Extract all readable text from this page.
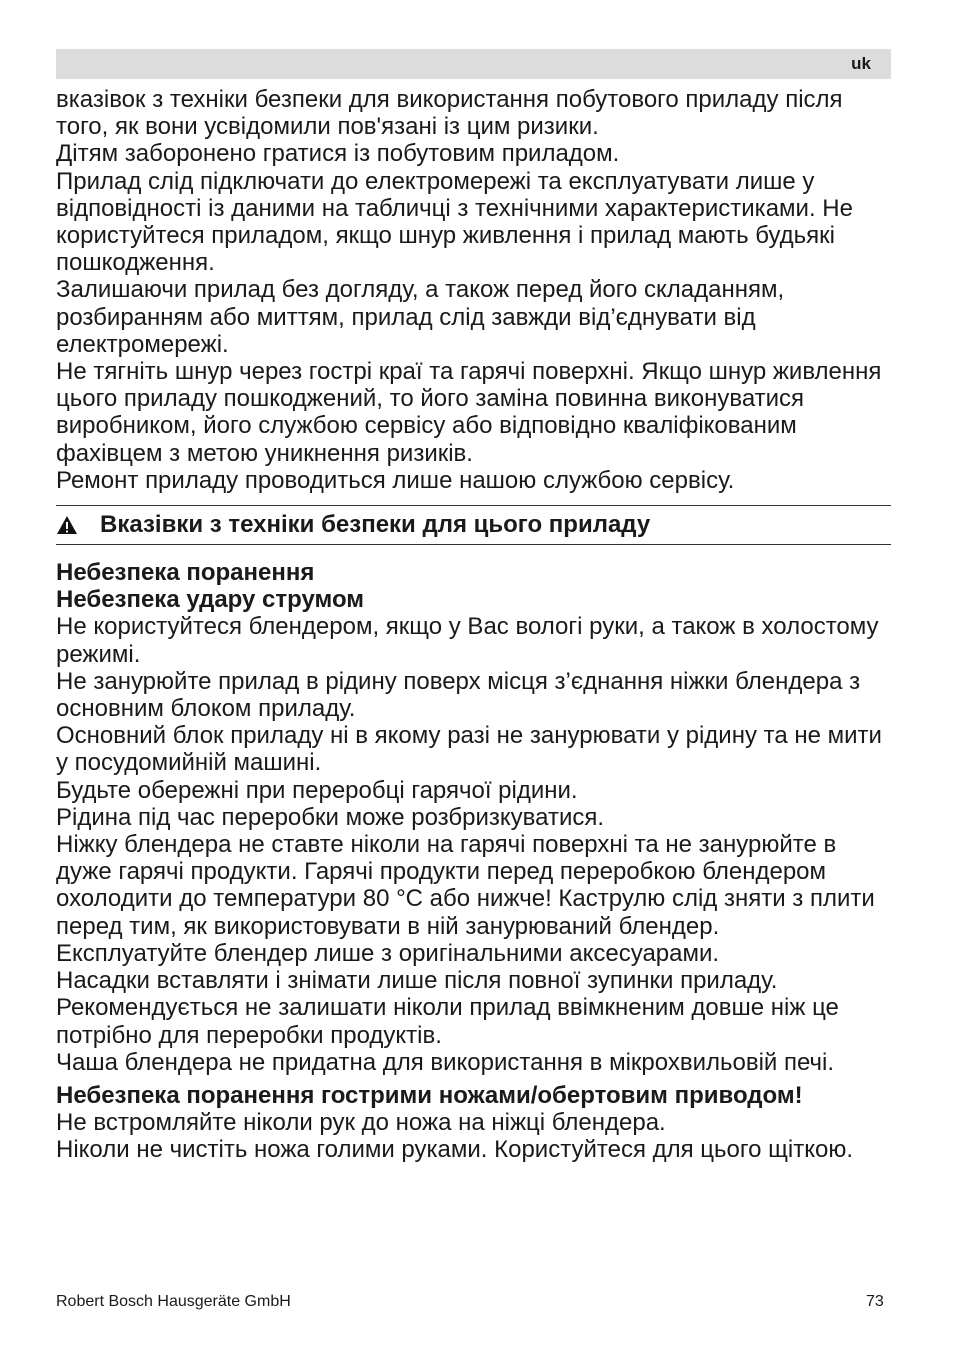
uk

вказівок з техніки безпеки для використання побутового приладу після того, як вони усвідомили пов'язані із цим ризики.

Дітям заборонено гратися із побутовим приладом.

Прилад слід підключати до електромережі та експлуатувати лише у відповідності із даними на табличці з технічними характеристиками. Не користуйтеся приладом, якщо шнур живлення і прилад мають будьякі пошкодження.

Залишаючи прилад без догляду, а також перед його складанням, розбиранням або миттям, прилад слід завжди від’єднувати від електромережі.

Не тягніть шнур через гострі краї та гарячі поверхні. Якщо шнур живлення цього приладу пошкоджений, то його заміна повинна виконуватися виробником, його службою сервісу або відповідно кваліфікованим фахівцем з метою уникнення ризиків.

Ремонт приладу проводиться лише нашою службою сервісу.

Вказівки з техніки безпеки для цього приладу

Небезпека поранення

Небезпека удару струмом

Не користуйтеся блендером, якщо у Вас вологі руки, а також в холостому режимі.

Не занурюйте прилад в рідину поверх місця з’єднання ніжки блендера з основним блоком приладу.

Основний блок приладу ні в якому разі не занурювати у рідину та не мити у посудомийній машині.

Будьте обережні при переробці гарячої рідини.

Рідина під час переробки може розбризкуватися.

Ніжку блендера не ставте ніколи на гарячі поверхні та не занурюйте в дуже гарячі продукти. Гарячі продукти перед переробкою блендером охолодити до температури 80 °C або нижче! Каструлю слід зняти з плити перед тим, як використовувати в ній занурюваний блендер.

Експлуатуйте блендер лише з оригінальними аксесуарами.

Насадки вставляти і знімати лише після повної зупинки приладу.

Рекомендується не залишати ніколи прилад ввімкненим довше ніж це потрібно для переробки продуктів.

Чаша блендера не придатна для використання в мікрохвильовій печі.

Небезпека поранення гострими ножами/обертовим приводом!

Не встромляйте ніколи рук до ножа на ніжці блендера.

Ніколи не чистіть ножа голими руками. Користуйтеся для цього щіткою.

Robert Bosch Hausgeräte GmbH	73
